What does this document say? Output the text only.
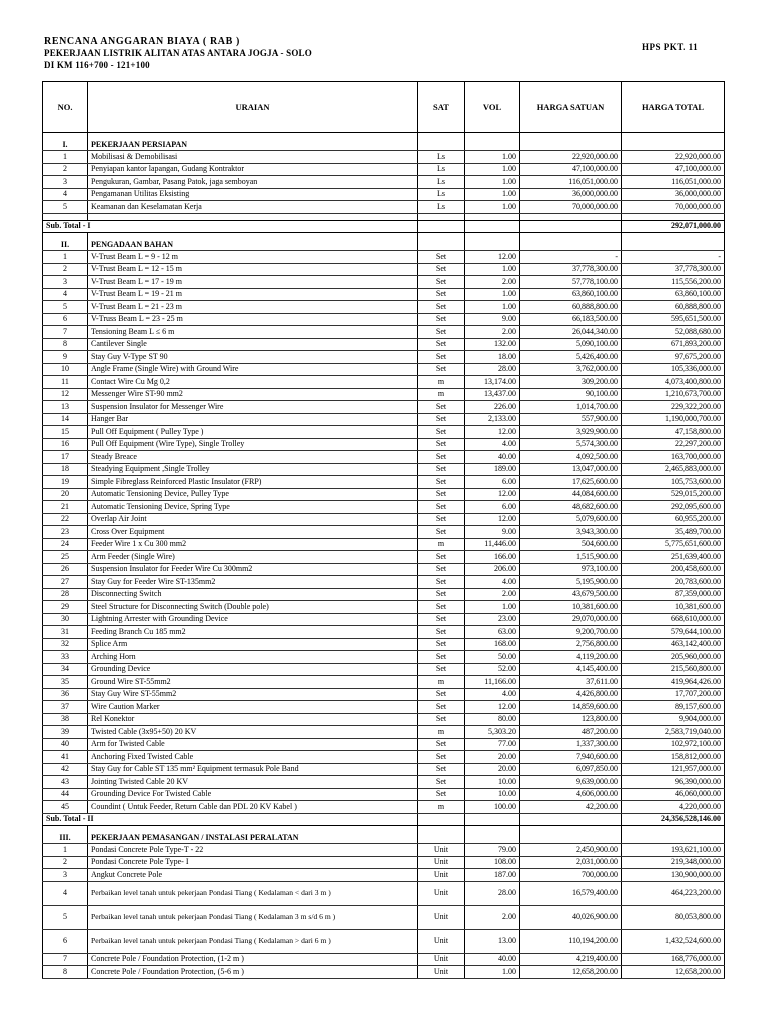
RENCANA ANGGARAN BIAYA ( RAB )
PEKERJAAN LISTRIK ALITAN ATAS ANTARA JOGJA - SOLO
DI KM 116+700 - 121+100
HPS PKT. 11
NO.	URAIAN	SAT	VOL	HARGA SATUAN	HARGA TOTAL

I.	PEKERJAAN PERSIAPAN				
1	Mobilisasi & Demobilisasi	Ls	1.00	22,920,000.00	22,920,000.00
2	Penyiapan kantor lapangan, Gudang Kontraktor	Ls	1.00	47,100,000.00	47,100,000.00
3	Pengukuran, Gambar, Pasang Patok, jaga semboyan	Ls	1.00	116,051,000.00	116,051,000.00
4	Pengamanan Utilitas Eksisting	Ls	1.00	36,000,000.00	36,000,000.00
5	Keamanan dan Keselamatan Kerja	Ls	1.00	70,000,000.00	70,000,000.00

Sub. Total - I					292,071,000.00

II.	PENGADAAN BAHAN				
1	V-Trust Beam L = 9 - 12 m	Set	12.00	-	-
2	V-Trust Beam L = 12 - 15 m	Set	1.00	37,778,300.00	37,778,300.00
3	V-Trust Beam L = 17 - 19 m	Set	2.00	57,778,100.00	115,556,200.00
4	V-Trust Beam L = 19 - 21 m	Set	1.00	63,860,100.00	63,860,100.00
5	V-Trust Beam L = 21 - 23 m	Set	1.00	60,888,800.00	60,888,800.00
6	V-Truss Beam L = 23 - 25 m	Set	9.00	66,183,500.00	595,651,500.00
7	Tensioning Beam L ≤ 6 m	Set	2.00	26,044,340.00	52,088,680.00
8	Cantilever Single	Set	132.00	5,090,100.00	671,893,200.00
9	Stay Guy V-Type ST 90	Set	18.00	5,426,400.00	97,675,200.00
10	Angle Frame (Single Wire) with Ground Wire	Set	28.00	3,762,000.00	105,336,000.00
11	Contact Wire Cu Mg 0,2	m	13,174.00	309,200.00	4,073,400,800.00
12	Messenger Wire ST-90 mm2	m	13,437.00	90,100.00	1,210,673,700.00
13	Suspension Insulator for Messenger Wire	Set	226.00	1,014,700.00	229,322,200.00
14	Hanger Bar	Set	2,133.00	557,900.00	1,190,000,700.00
15	Pull Off Equipment ( Pulley Type )	Set	12.00	3,929,900.00	47,158,800.00
16	Pull Off Equipment (Wire Type), Single Trolley	Set	4.00	5,574,300.00	22,297,200.00
17	Steady Breace	Set	40.00	4,092,500.00	163,700,000.00
18	Steadying Equipment ,Single Trolley	Set	189.00	13,047,000.00	2,465,883,000.00
19	Simple Fibreglass Reinforced Plastic Insulator (FRP)	Set	6.00	17,625,600.00	105,753,600.00
20	Automatic Tensioning Device, Pulley Type	Set	12.00	44,084,600.00	529,015,200.00
21	Automatic Tensioning Device, Spring Type	Set	6.00	48,682,600.00	292,095,600.00
22	Overlap Air Joint	Set	12.00	5,079,600.00	60,955,200.00
23	Cross Over Equipment	Set	9.00	3,943,300.00	35,489,700.00
24	Feeder Wire 1 x Cu 300 mm2	m	11,446.00	504,600.00	5,775,651,600.00
25	Arm Feeder (Single Wire)	Set	166.00	1,515,900.00	251,639,400.00
26	Suspension Insulator for Feeder Wire Cu 300mm2	Set	206.00	973,100.00	200,458,600.00
27	Stay Guy for Feeder Wire ST-135mm2	Set	4.00	5,195,900.00	20,783,600.00
28	Disconnecting Switch	Set	2.00	43,679,500.00	87,359,000.00
29	Steel Structure for Disconnecting Switch (Double pole)	Set	1.00	10,381,600.00	10,381,600.00
30	Lightning Arrester with Grounding Device	Set	23.00	29,070,000.00	668,610,000.00
31	Feeding Branch Cu 185 mm2	Set	63.00	9,200,700.00	579,644,100.00
32	Splice Arm	Set	168.00	2,756,800.00	463,142,400.00
33	Arching Horn	Set	50.00	4,119,200.00	205,960,000.00
34	Grounding Device	Set	52.00	4,145,400.00	215,560,800.00
35	Ground Wire ST-55mm2	m	11,166.00	37,611.00	419,964,426.00
36	Stay Guy Wire ST-55mm2	Set	4.00	4,426,800.00	17,707,200.00
37	Wire Caution Marker	Set	12.00	14,859,600.00	89,157,600.00
38	Rel Konektor	Set	80.00	123,800.00	9,904,000.00
39	Twisted Cable (3x95+50) 20 KV	m	5,303.20	487,200.00	2,583,719,040.00
40	Arm for Twisted Cable	Set	77.00	1,337,300.00	102,972,100.00
41	Anchoring Fixed Twisted Cable	Set	20.00	7,940,600.00	158,812,000.00
42	Stay Guy for Cable ST 135 mm² Equipment termasuk Pole Band	Set	20.00	6,097,850.00	121,957,000.00
43	Jointing Twisted Cable 20 KV	Set	10.00	9,639,000.00	96,390,000.00
44	Grounding Device For Twisted Cable	Set	10.00	4,606,000.00	46,060,000.00
45	Coundint ( Untuk Feeder, Return Cable dan PDL 20 KV Kabel )	m	100.00	42,200.00	4,220,000.00
Sub. Total - II					24,356,528,146.00

III.	PEKERJAAN PEMASANGAN / INSTALASI PERALATAN				
1	Pondasi Concrete Pole Type-T - 22	Unit	79.00	2,450,900.00	193,621,100.00
2	Pondasi Concrete Pole Type- I	Unit	108.00	2,031,000.00	219,348,000.00
3	Angkut Concrete Pole	Unit	187.00	700,000.00	130,900,000.00
4	Perbaikan level tanah untuk pekerjaan Pondasi Tiang ( Kedalaman < dari 3 m )	Unit	28.00	16,579,400.00	464,223,200.00
5	Perbaikan level tanah untuk pekerjaan Pondasi Tiang ( Kedalaman 3 m s/d 6 m )	Unit	2.00	40,026,900.00	80,053,800.00
6	Perbaikan level tanah untuk pekerjaan Pondasi Tiang ( Kedalaman > dari 6 m )	Unit	13.00	110,194,200.00	1,432,524,600.00
7	Concrete Pole / Foundation Protection, (1-2 m )	Unit	40.00	4,219,400.00	168,776,000.00
8	Concrete Pole / Foundation Protection, (5-6 m )	Unit	1.00	12,658,200.00	12,658,200.00
